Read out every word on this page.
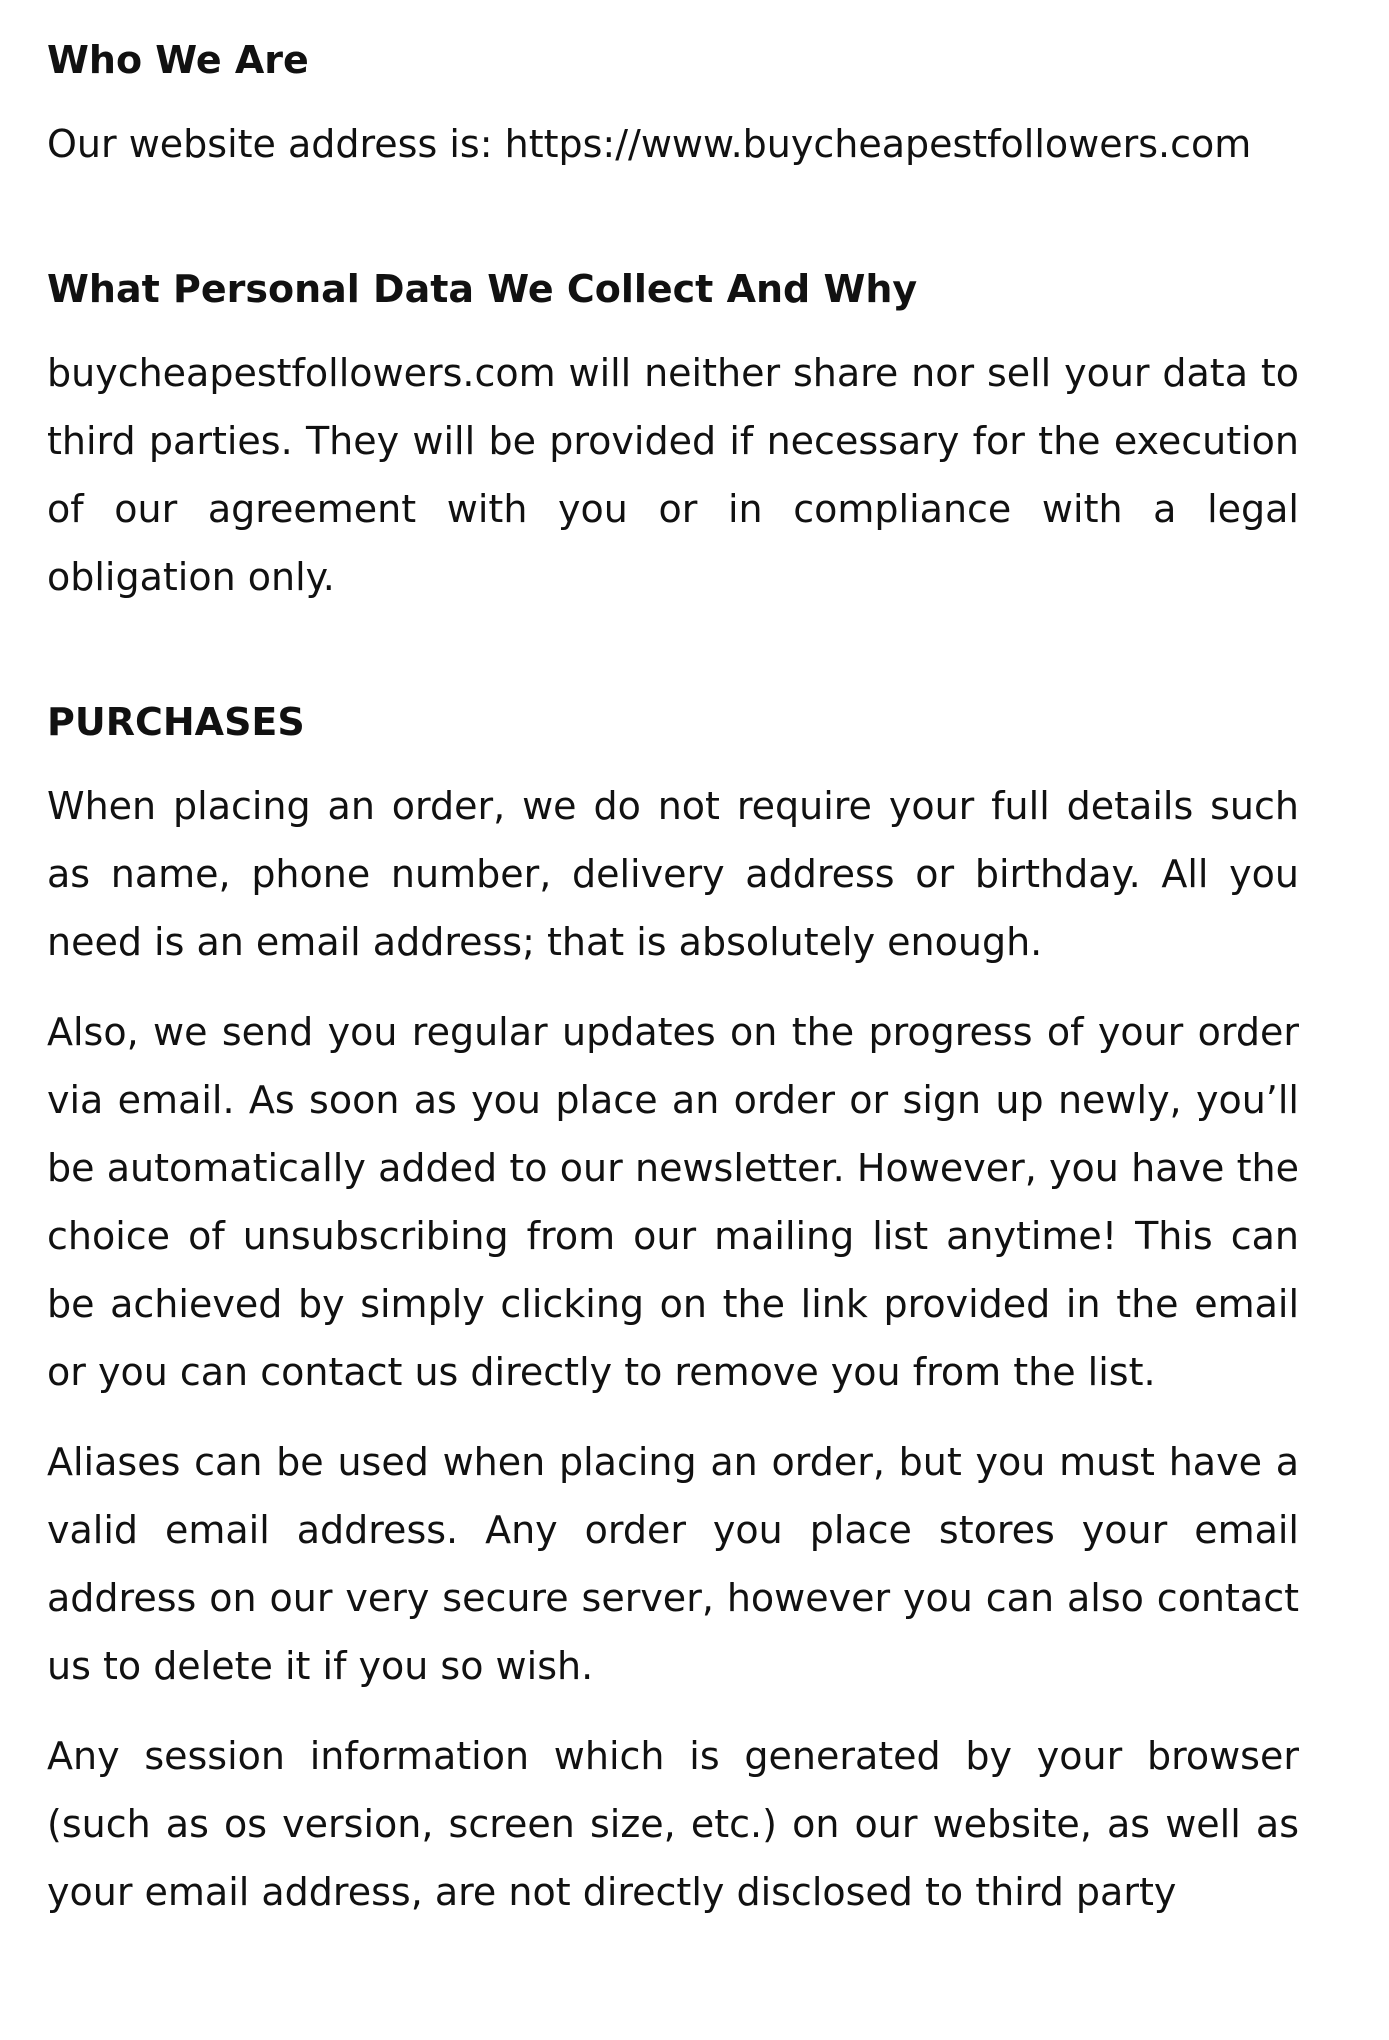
Who We Are

Our website address is: https://www.buycheapestfollowers.com

What Personal Data We Collect And Why

buycheapestfollowers.com will neither share nor sell your data to third parties. They will be provided if necessary for the execution of our agreement with you or in compliance with a legal obligation only.

PURCHASES

When placing an order, we do not require your full details such as name, phone number, delivery address or birthday. All you need is an email address; that is absolutely enough.

Also, we send you regular updates on the progress of your order via email. As soon as you place an order or sign up newly, you’ll be automatically added to our newsletter. However, you have the choice of unsubscribing from our mailing list anytime! This can be achieved by simply clicking on the link provided in the email or you can contact us directly to remove you from the list.

Aliases can be used when placing an order, but you must have a valid email address. Any order you place stores your email address on our very secure server, however you can also contact us to delete it if you so wish.

Any session information which is generated by your browser (such as os version, screen size, etc.) on our website, as well as your email address, are not directly disclosed to third party
